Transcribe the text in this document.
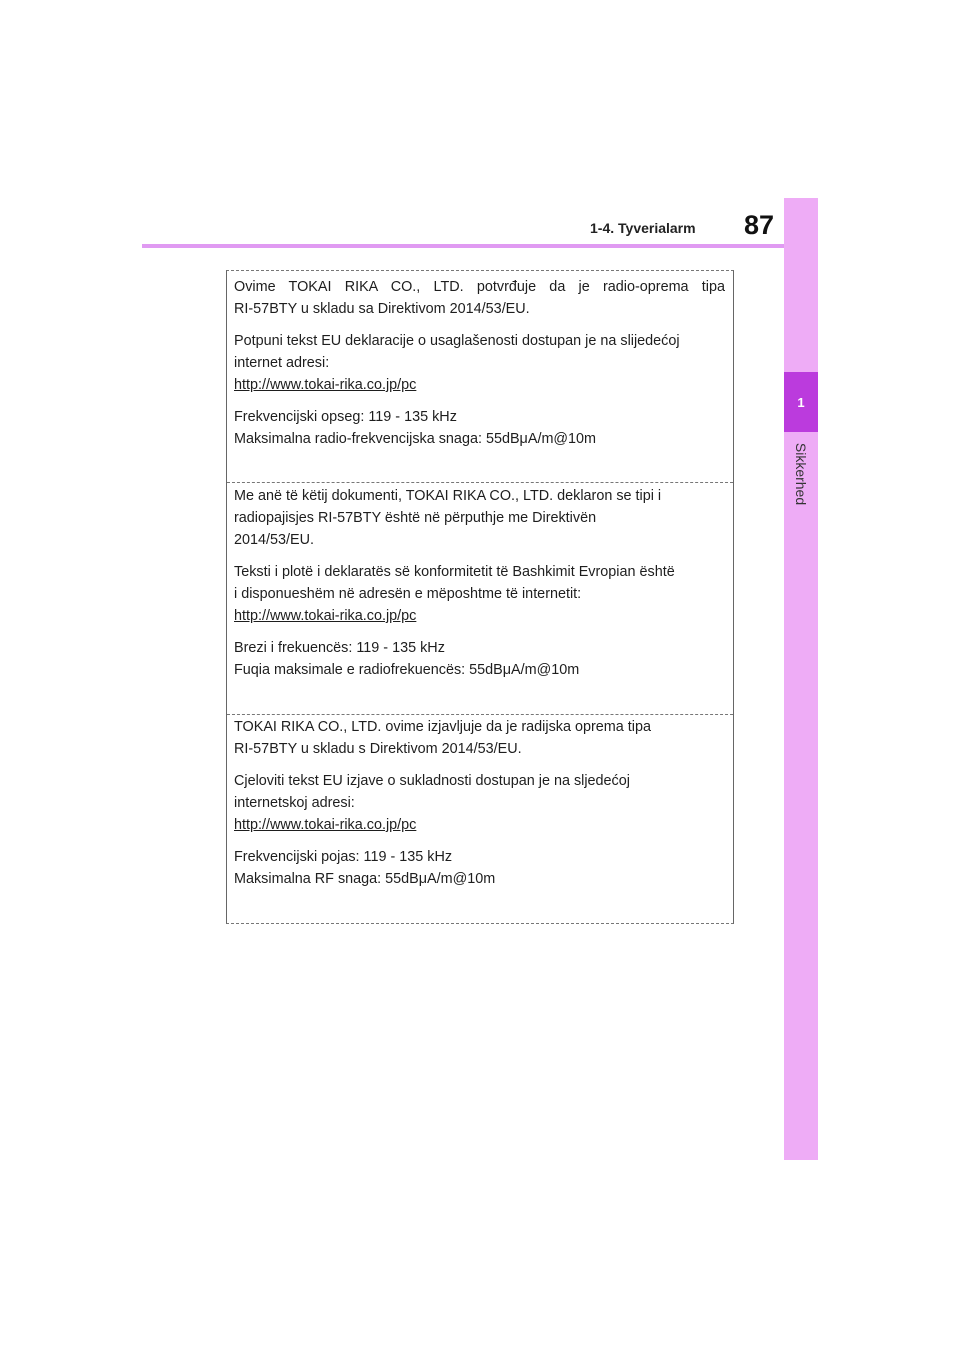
1-4. Tyverialarm 87
1
Sikkerhed

Ovime TOKAI RIKA CO., LTD. potvrđuje da je radio-oprema tipa
RI-57BTY u skladu sa Direktivom 2014/53/EU.

Potpuni tekst EU deklaracije o usaglašenosti dostupan je na slijedećoj
internet adresi:
http://www.tokai-rika.co.jp/pc

Frekvencijski opseg: 119 - 135 kHz
Maksimalna radio-frekvencijska snaga: 55dBμA/m@10m

Me anë të këtij dokumenti, TOKAI RIKA CO., LTD. deklaron se tipi i
radiopajisjes RI-57BTY është në përputhje me Direktivën
2014/53/EU.

Teksti i plotë i deklaratës së konformitetit të Bashkimit Evropian është
i disponueshëm në adresën e mëposhtme të internetit:
http://www.tokai-rika.co.jp/pc

Brezi i frekuencës: 119 - 135 kHz
Fuqia maksimale e radiofrekuencës: 55dBμA/m@10m

TOKAI RIKA CO., LTD. ovime izjavljuje da je radijska oprema tipa
RI-57BTY u skladu s Direktivom 2014/53/EU.

Cjeloviti tekst EU izjave o sukladnosti dostupan je na sljedećoj
internetskoj adresi:
http://www.tokai-rika.co.jp/pc

Frekvencijski pojas: 119 - 135 kHz
Maksimalna RF snaga: 55dBμA/m@10m
